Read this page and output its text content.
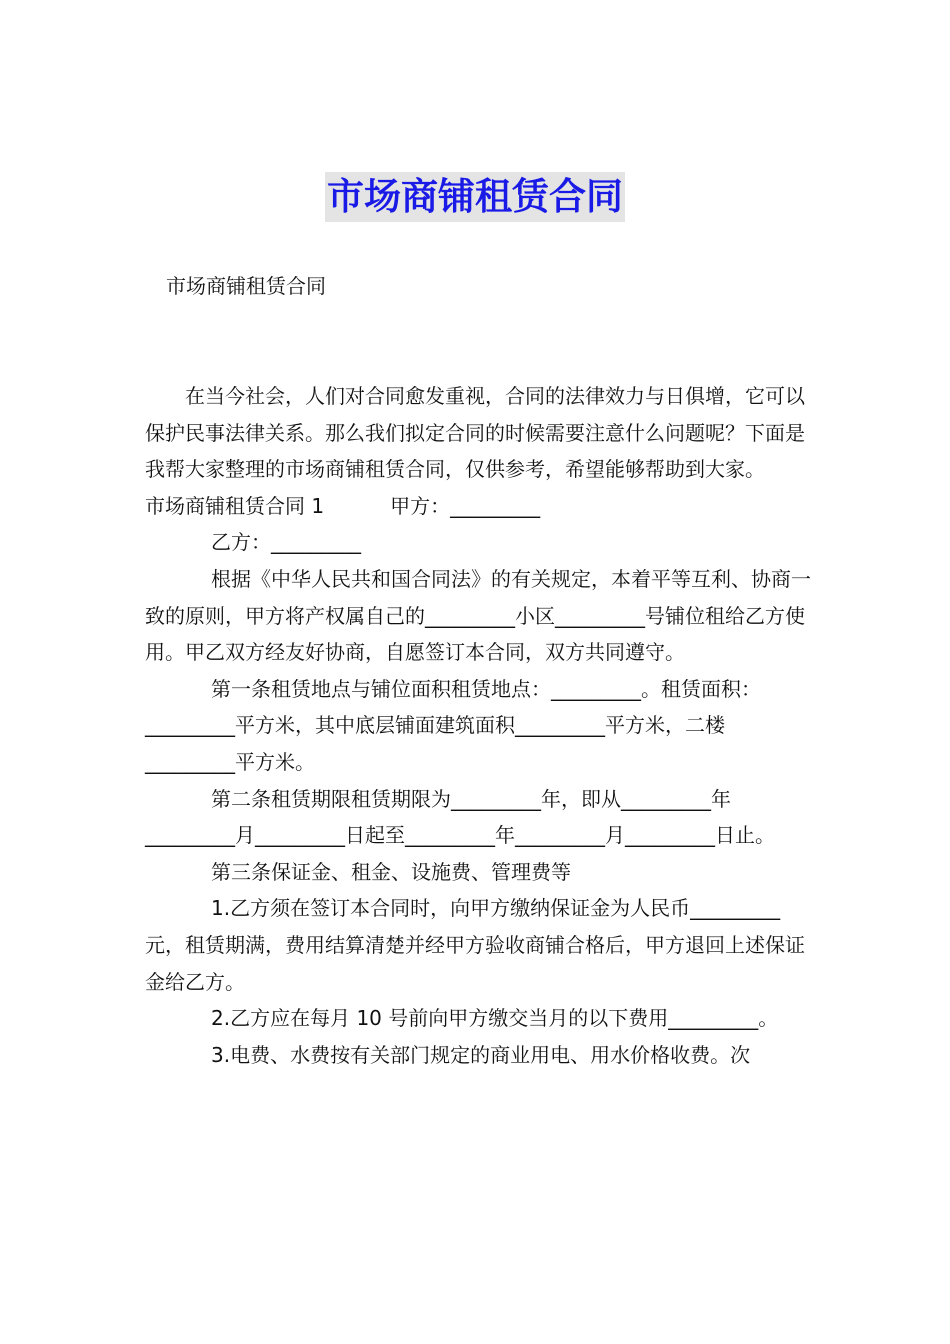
市场商铺租赁合同
市场商铺租赁合同

在当今社会，人们对合同愈发重视，合同的法律效力与日俱增，它可以保护民事法律关系。那么我们拟定合同的时候需要注意什么问题呢？下面是我帮大家整理的市场商铺租赁合同，仅供参考，希望能够帮助到大家。

市场商铺租赁合同 1	甲方：_________

乙方：_________

根据《中华人民共和国合同法》的有关规定，本着平等互利、协商一致的原则，甲方将产权属自己的_________小区_________号铺位租给乙方使用。甲乙双方经友好协商，自愿签订本合同，双方共同遵守。

第一条租赁地点与铺位面积租赁地点：_________。租赁面积：_________平方米，其中底层铺面建筑面积_________平方米，二楼_________平方米。

第二条租赁期限租赁期限为_________年，即从_________年_________月_________日起至_________年_________月_________日止。

第三条保证金、租金、设施费、管理费等

1.乙方须在签订本合同时，向甲方缴纳保证金为人民币_________元，租赁期满，费用结算清楚并经甲方验收商铺合格后，甲方退回上述保证金给乙方。

2.乙方应在每月 10 号前向甲方缴交当月的以下费用_________。

3.电费、水费按有关部门规定的商业用电、用水价格收费。次
